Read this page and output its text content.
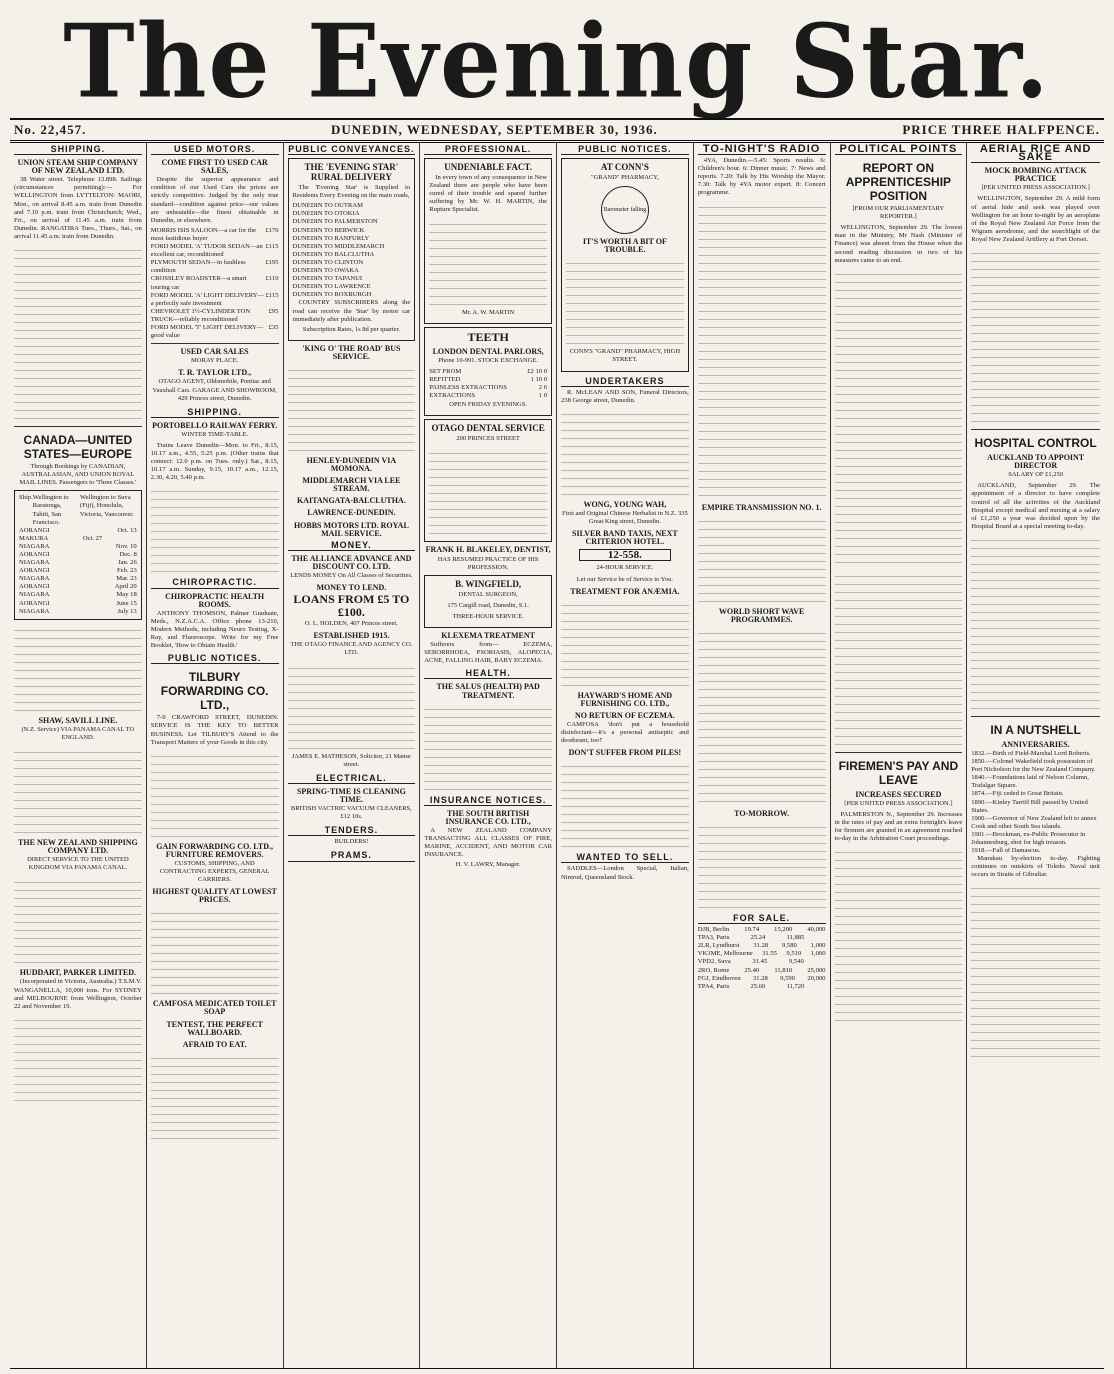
The Evening Star.
No. 22,457.	DUNEDIN, WEDNESDAY, SEPTEMBER 30, 1936.	PRICE THREE HALFPENCE.
SHIPPING.
UNION STEAM SHIP COMPANY OF NEW ZEALAND LTD.

38 Water street. Telephone 13.898. Sailings (circumstances permitting):— For WELLINGTON from LYTTELTON: MAORI, Mon., on arrival 8.45 a.m. train from Dunedin and 7.10 p.m. train from Christchurch; Wed., Fri., on arrival of 11.45 a.m. train from Dunedin. RANGATIRA Tues., Thurs., Sat., on arrival 11.45 a.m. train from Dunedin.

CANADA—UNITED STATES—EUROPE
Through Bookings by CANADIAN, AUSTRALASIAN, AND UNION ROYAL MAIL LINES. Passengers to 'Three Classes.'
Ship. Wellington to Raratonga, Tahiti, San Francisco.
Wellington to Suva (Fiji), Honolulu, Victoria, Vancouver.
AORANGI	Oct. 13
MAKURA	Oct. 27
NIAGARA	Nov. 10
AORANGI	Dec. 8
NIAGARA	Jan. 26
AORANGI	Feb. 23
NIAGARA	Mar. 23
AORANGI	April 20
NIAGARA	May 18
AORANGI	June 15
NIAGARA	July 13
SHAW, SAVILL LINE.
(N.Z. Service) VIA PANAMA CANAL TO ENGLAND.
THE NEW ZEALAND SHIPPING COMPANY LTD.
DIRECT SERVICE TO THE UNITED KINGDOM VIA PANAMA CANAL.
HUDDART, PARKER LIMITED.

(Incorporated in Victoria, Australia.) T.S.M.V. WANGANELLA, 10,000 tons. For SYDNEY and MELBOURNE from Wellington, October 22 and November 19.

USED MOTORS.
COME FIRST TO USED CAR SALES,

Despite the superior appearance and condition of our Used Cars the prices are strictly competitive. Judged by the only true standard—condition against price—our values are unbeatable—the finest obtainable in Dunedin, or elsewhere.

MORRIS ISIS SALOON—a car for the most fastidious buyer
£170
FORD MODEL 'A' TUDOR SEDAN—an excellent car, reconditioned
£115
PLYMOUTH SEDAN—in faultless condition
£195
CROSSLEY ROADSTER—a smart touring car
£110
FORD MODEL 'A' LIGHT DELIVERY—a perfectly safe investment
£115
CHEVROLET 1½-CYLINDER TON TRUCK—reliably reconditioned
£95
FORD MODEL 'T' LIGHT DELIVERY—good value
£35
USED CAR SALES
MORAY PLACE.
T. R. TAYLOR LTD.,
OTAGO AGENT, Oldsmobile, Pontiac and Vauxhall Cars. GARAGE AND SHOWROOM, 429 Princes street, Dunedin.
SHIPPING.
PORTOBELLO RAILWAY FERRY.
WINTER TIME-TABLE.

Trains Leave Dunedin—Mon. to Fri., 8.15, 10.17 a.m., 4.55, 5.25 p.m. (Other trains that connect: 12.0 p.m. on Tues. only.) Sat., 8.15, 10.17 a.m. Sunday, 9.15, 10.17 a.m., 12.15, 2.30, 4.20, 5.40 p.m.

CHIROPRACTIC.
CHIROPRACTIC HEALTH ROOMS.

ANTHONY THOMSON, Palmer Graduate, Meds., N.Z.A.C.A. Office phone 13-210, Modern Methods, including Neuro Testing, X-Ray, and Fluoroscope. Write for my Free Booklet, 'How to Obtain Health.'

PUBLIC NOTICES.
TILBURY FORWARDING CO. LTD.,

7-9 CRAWFORD STREET, DUNEDIN. SERVICE IS THE KEY TO BETTER BUSINESS. Let TILBURY'S Attend to the Transport Matters of your Goods in this city.

GAIN FORWARDING CO. LTD., FURNITURE REMOVERS.
CUSTOMS, SHIPPING, AND CONTRACTING EXPERTS, GENERAL CARRIERS.
HIGHEST QUALITY AT LOWEST PRICES.
CAMFOSA MEDICATED TOILET SOAP
TENTEST, THE PERFECT WALLBOARD.
AFRAID TO EAT.
PUBLIC CONVEYANCES.
THE 'EVENING STAR' RURAL DELIVERY

The 'Evening Star' is Supplied to Residents Every Evening on the main roads,

DUNEDIN TO OUTRAM
DUNEDIN TO OTOKIA
DUNEDIN TO PALMERSTON
DUNEDIN TO BERWICK
DUNEDIN TO RANFURLY
DUNEDIN TO MIDDLEMARCH
DUNEDIN TO BALCLUTHA
DUNEDIN TO CLINTON
DUNEDIN TO OWAKA
DUNEDIN TO TAPANUI
DUNEDIN TO LAWRENCE
DUNEDIN TO ROXBURGH

COUNTRY SUBSCRIBERS along the road can receive the 'Star' by motor car immediately after publication.

Subscription Rates, 1s 8d per quarter.
'KING O' THE ROAD' BUS SERVICE.
HENLEY-DUNEDIN VIA MOMONA.
MIDDLEMARCH VIA LEE STREAM.
KAITANGATA-BALCLUTHA.
LAWRENCE-DUNEDIN.
HOBBS MOTORS LTD. ROYAL MAIL SERVICE.
MONEY.
THE ALLIANCE ADVANCE AND DISCOUNT CO. LTD.
LENDS MONEY On All Classes of Securities.
MONEY TO LEND.
LOANS FROM £5 TO £100.
O. L. HOLDEN, 407 Princes street.
ESTABLISHED 1915.
THE OTAGO FINANCE AND AGENCY CO. LTD.
JAMES E. MATHESON, Solicitor, 21 Manse street.
ELECTRICAL.
SPRING-TIME IS CLEANING TIME.
BRITISH VACTRIC VACUUM CLEANERS, £12 10s.
TENDERS.
BUILDERS!
PRAMS.
PROFESSIONAL.
UNDENIABLE FACT.

In every town of any consequence in New Zealand there are people who have been cured of their trouble and spared further suffering by Mr. W. H. MARTIN, the Rupture Specialist.

Mr. A. W. MARTIN
TEETH
LONDON DENTAL PARLORS,
Phone 10-991. STOCK EXCHANGE.
SET FROM	£2 10 0
REFITTED	1 10 0
PAINLESS EXTRACTIONS	2 6
EXTRACTIONS	1 0
OPEN FRIDAY EVENINGS.
OTAGO DENTAL SERVICE
200 PRINCES STREET
FRANK H. BLAKELEY, DENTIST,
HAS RESUMED PRACTICE OF HIS PROFESSION.
B. WINGFIELD,
DENTAL SURGEON,
175 Cargill road, Dunedin, S.1.
THREE-HOUR SERVICE.
KLEXEMA TREATMENT

Sufferers from— ECZEMA, SEBORRHOEA, PSORIASIS, ALOPECIA, ACNE, FALLING HAIR, BABY ECZEMA.

HEALTH.
THE SALUS (HEALTH) PAD TREATMENT.
INSURANCE NOTICES.
THE SOUTH BRITISH INSURANCE CO. LTD.,

A NEW ZEALAND COMPANY TRANSACTING ALL CLASSES OF FIRE, MARINE, ACCIDENT, AND MOTOR CAR INSURANCE.

H. V. LAWRY, Manager.
PUBLIC NOTICES.
AT CONN'S
"GRAND" PHARMACY,
Barometer falling
IT'S WORTH A BIT OF TROUBLE.
CONN'S "GRAND" PHARMACY, HIGH STREET.
UNDERTAKERS

R. McLEAN AND SON, Funeral Directors, 238 George street, Dunedin.

WONG, YOUNG WAH,
First and Original Chinese Herbalist in N.Z. 335 Great King street, Dunedin.
SILVER BAND TAXIS, NEXT CRITERION HOTEL.
12-558.
24-HOUR SERVICE.
Let our Service be of Service to You.
TREATMENT FOR ANÆMIA.
HAYWARD'S HOME AND FURNISHING CO. LTD.,
NO RETURN OF ECZEMA.

CAMFOSA 'don't put a household disinfectant—it's a personal antiseptic and deodorant, too!'

DON'T SUFFER FROM PILES!
WANTED TO SELL.

SADDLES—London Special, Italian, Nimrod, Queensland Stock.

TO-NIGHT'S RADIO

4YA, Dunedin.—5.45: Sports results. 6: Children's hour. 6: Dinner music. 7: News and reports. 7.20: Talk by His Worship the Mayor. 7.30: Talk by 4YA motor expert. 8: Concert programme.

EMPIRE TRANSMISSION NO. 1.
WORLD SHORT WAVE PROGRAMMES.
TO-MORROW.
FOR SALE.
DJB, Berlin 19.74 15,200 40,000
TPA3, Paris	25.24	11,885
2LR, Lyndhurst 31.28 9,580 1,000
VK3ME, Melbourne 31.55 9,510 1,000
VPD2, Suva	31.45	9,540
2RO, Rome 25.40 11,810 25,000
FGJ, Eindhoven 31.28 9,590 20,000
TPA4, Paris	25.60	11,720
POLITICAL POINTS
REPORT ON APPRENTICESHIP POSITION
[FROM OUR PARLIAMENTARY REPORTER.]

WELLINGTON, September 29. The lowest man in the Ministry, Mr Nash (Minister of Finance) was absent from the House when the second reading discussion in two of his measures came to an end.

FIREMEN'S PAY AND LEAVE
INCREASES SECURED
[PER UNITED PRESS ASSOCIATION.]

PALMERSTON N., September 29. Increases in the rates of pay and an extra fortnight's leave for firemen are granted in an agreement reached to-day in the Arbitration Court proceedings.

AERIAL RICE AND SAKE
MOCK BOMBING ATTACK PRACTICE
[PER UNITED PRESS ASSOCIATION.]

WELLINGTON, September 29. A mild form of aerial hide and seek was played over Wellington for an hour to-night by an aeroplane of the Royal New Zealand Air Force from the Wigram aerodrome, and the searchlight of the Royal New Zealand Artillery at Fort Dorset.

HOSPITAL CONTROL
AUCKLAND TO APPOINT DIRECTOR
SALARY OF £1,250

AUCKLAND, September 29. The appointment of a director to have complete control of all the activities of the Auckland Hospital except medical and nursing at a salary of £1,250 a year was decided upon by the Hospital Board at a special meeting to-day.

IN A NUTSHELL
ANNIVERSARIES.
1832.—Birth of Field-Marshal Lord Roberts.
1850.—Colonel Wakefield took possession of Port Nicholson for the New Zealand Company.
1840.—Foundations laid of Nelson Column, Trafalgar Square.
1874.—Fiji ceded to Great Britain.
1890.—Kinley Tarriff Bill passed by United States.
1900.—Governor of New Zealand left to annex Cook and other South Sea islands.
1901.—Brockman, ex-Public Prosecutor in Johannesburg, shot for high treason.
1918.—Fall of Damascus.

Manukau by-election to-day. Fighting continues on outskirts of Toledo. Naval unit occurs in Straits of Gibraltar.
